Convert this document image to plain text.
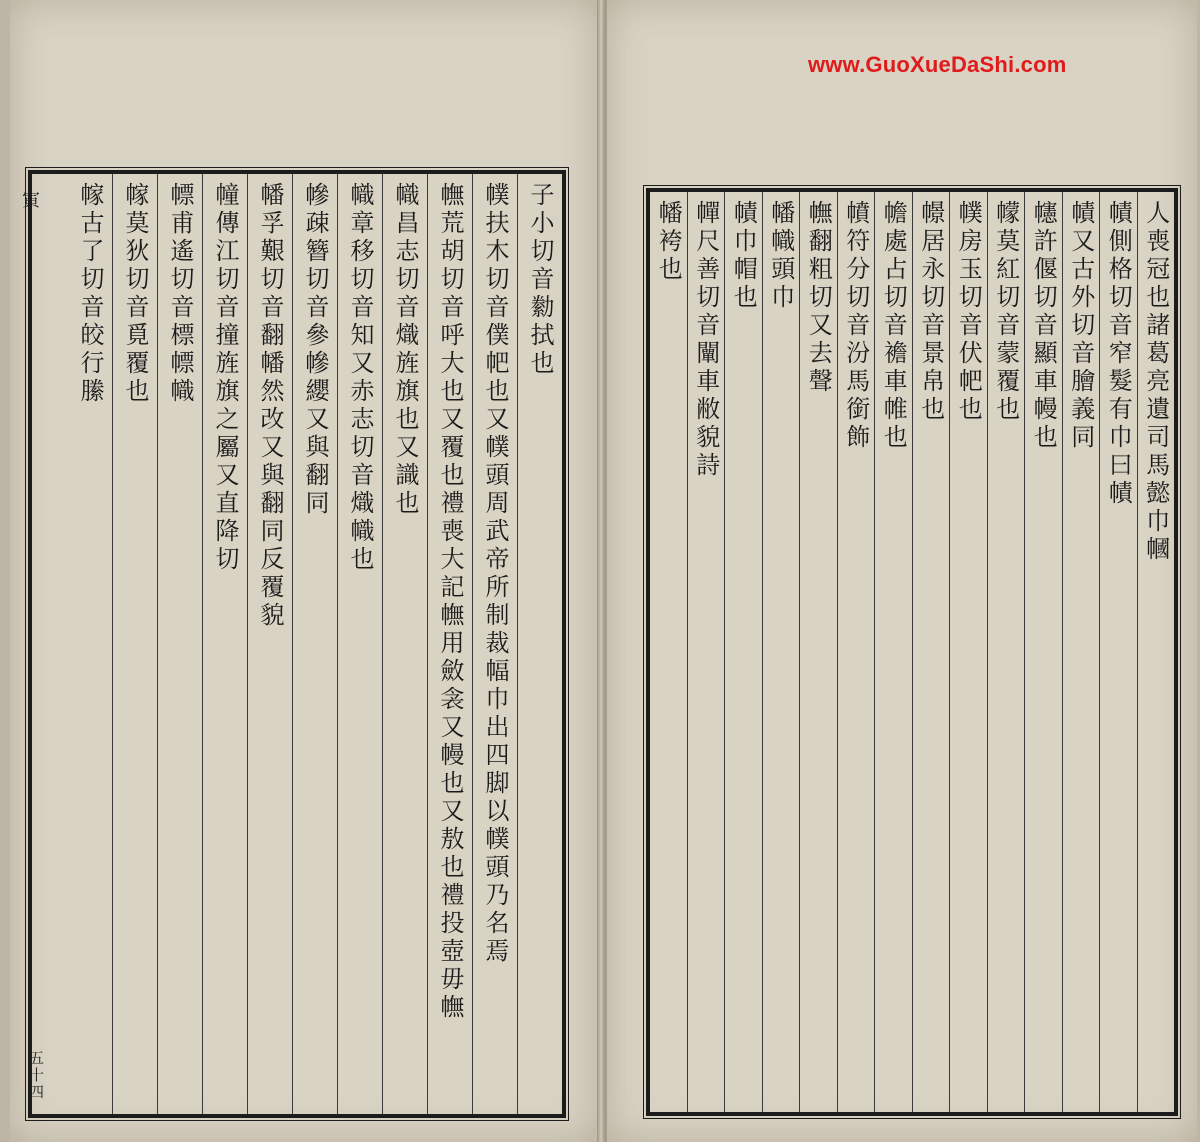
寅
五十四
子小切音勬拭也
幞扶木切音僕帊也又幞頭周武帝所制裁幅巾出四脚以幞頭乃名焉
幠荒胡切音呼大也又覆也禮喪大記幠用斂衾又幔也又敖也禮投壺毋幠
幟昌志切音熾旌旗也又識也
幟章移切音知又赤志切音熾幟也
幓疎簪切音參幓纓又與翻同
幡孚艱切音翻幡然改又與翻同反覆貌
幢傳江切音撞旌旗之屬又直降切
幖甫遙切音標幖幟
幏莫狄切音覓覆也
幏古了切音皎行縢
www.GuoXueDaShi.com
人喪冠也諸葛亮遺司馬懿巾幗
幘側格切音窄髮有巾曰幘
幘又古外切音膾義同
幰許偃切音顯車幔也
幪莫紅切音蒙覆也
幞房玉切音伏帊也
幜居永切音景帛也
幨處占切音襜車帷也
幩符分切音汾馬銜飾
幠翻粗切又去聲
幡幟頭巾
幘巾帽也
幝尺善切音闡車敝貌詩
幡袴也
